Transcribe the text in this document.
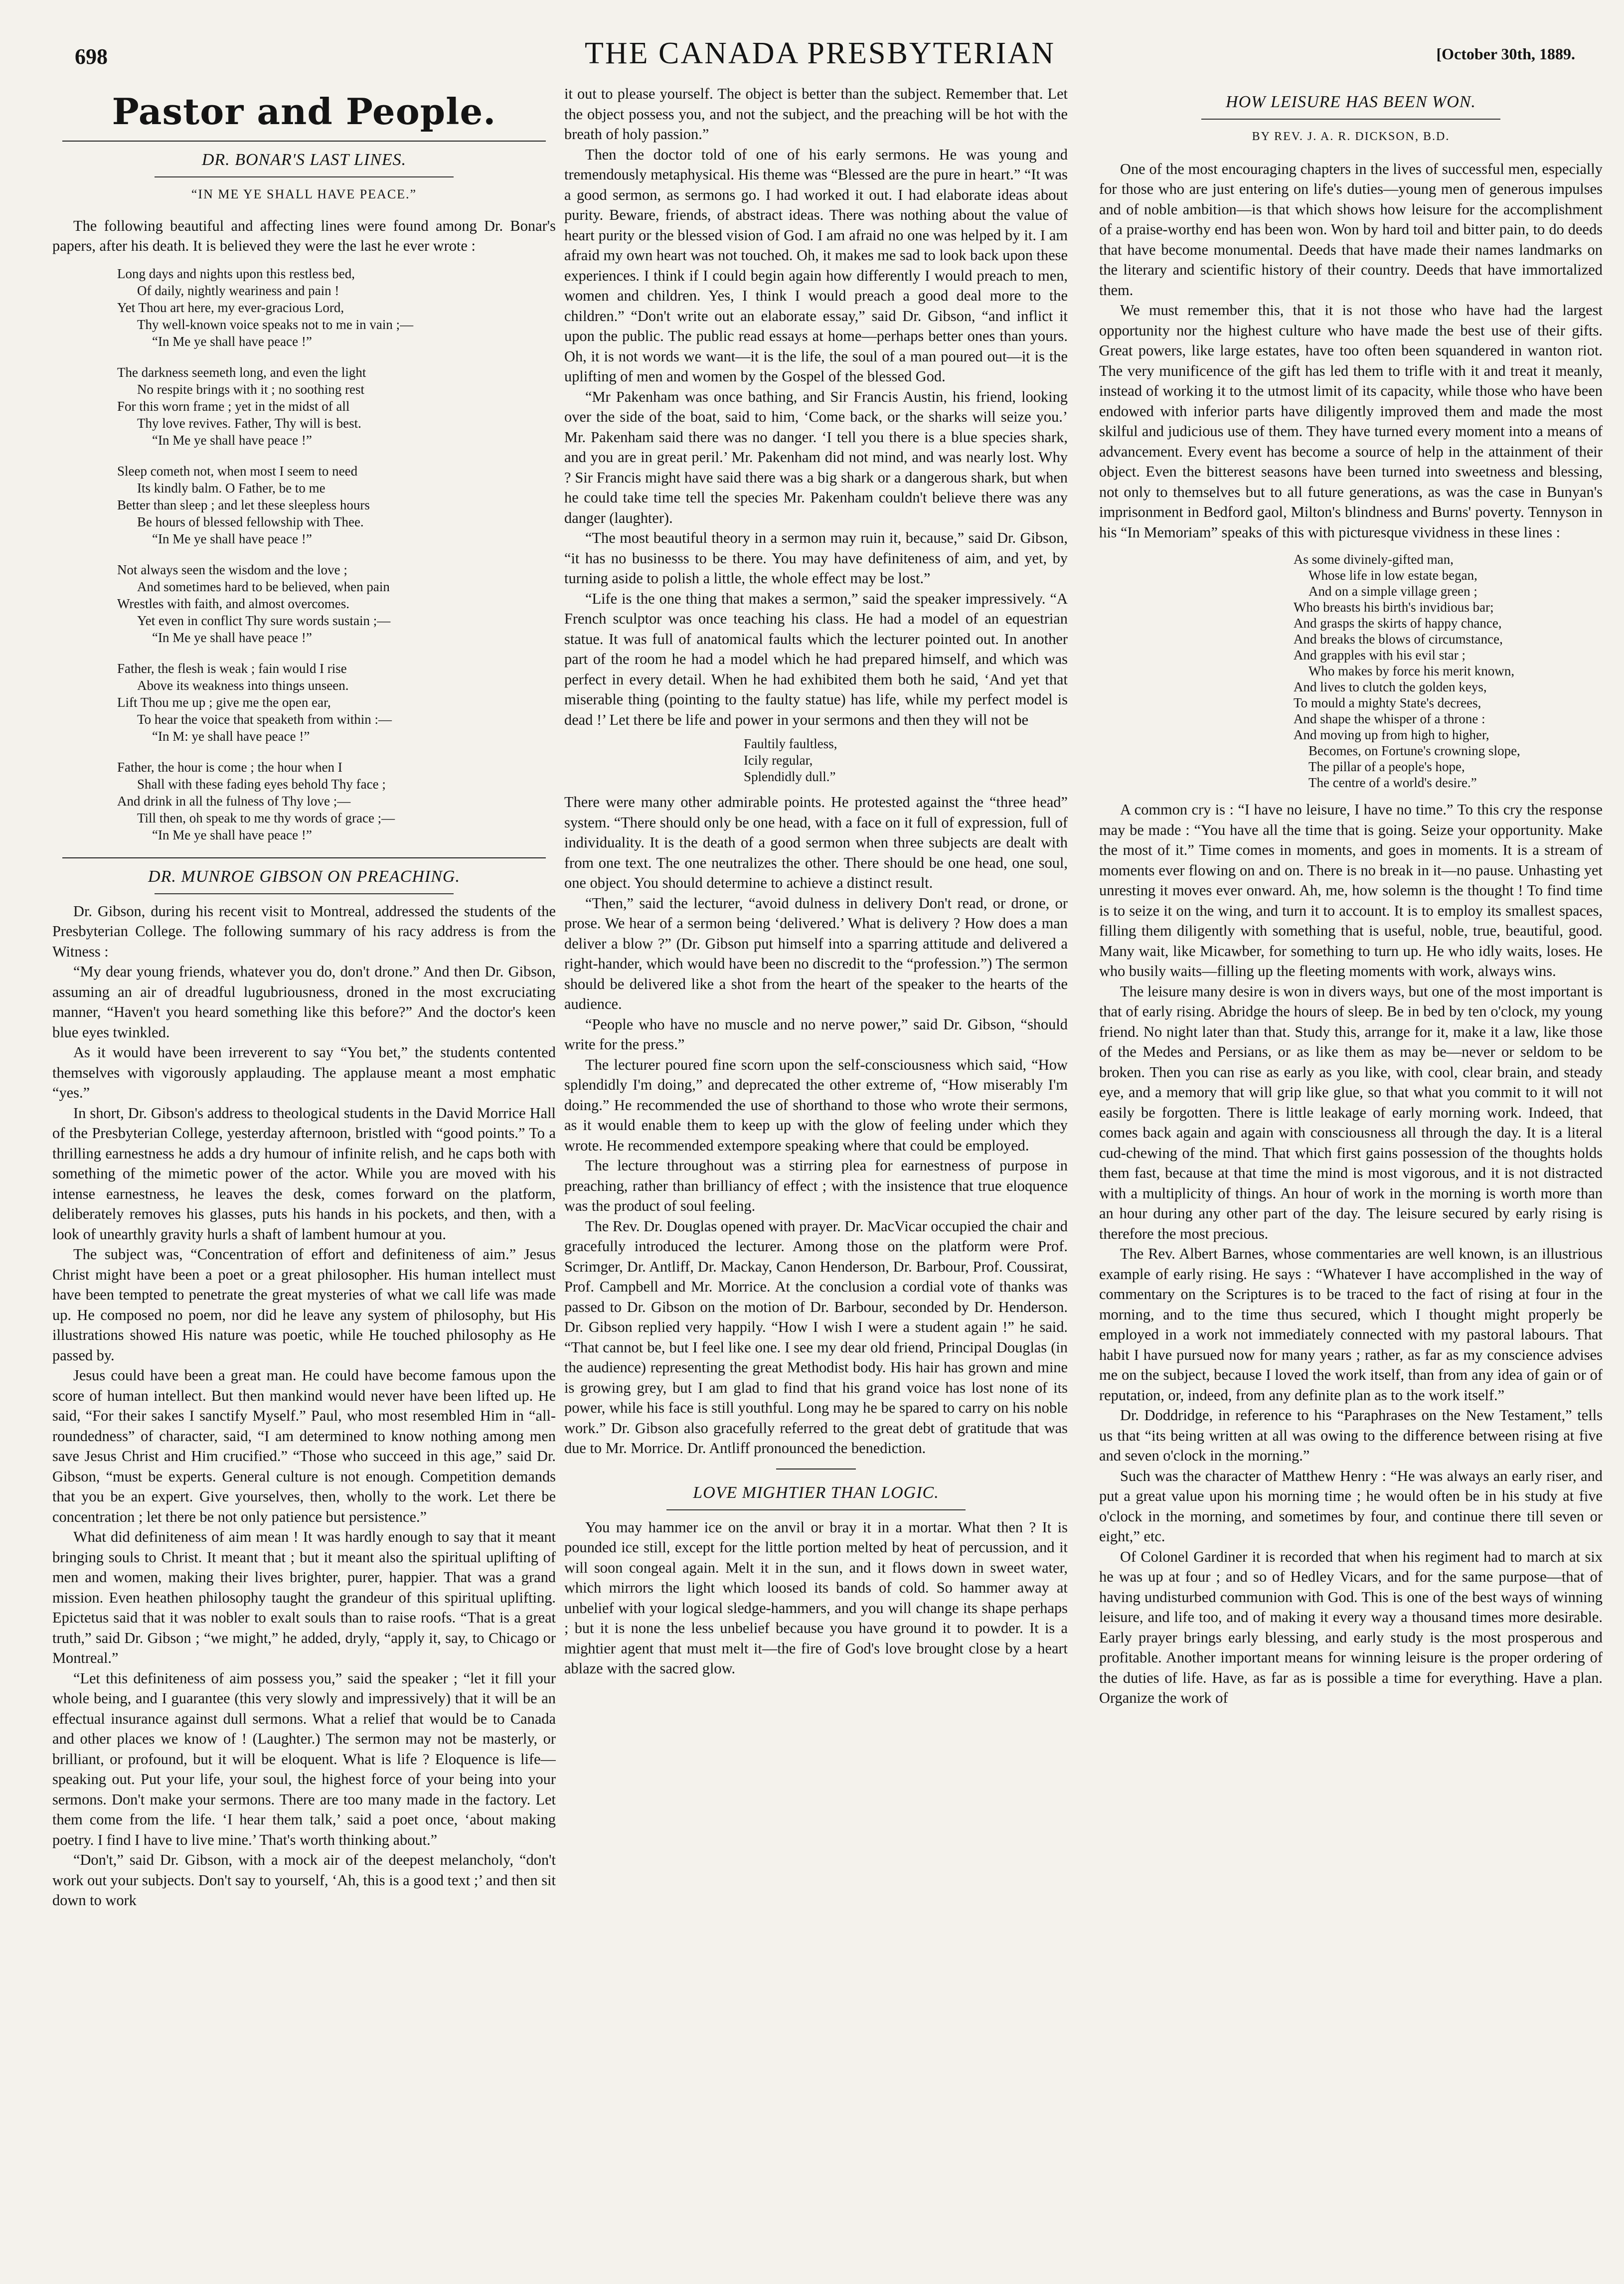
698	THE CANADA PRESBYTERIAN	[October 30th, 1889.
Pastor and People.
DR. BONAR'S LAST LINES.
“IN ME YE SHALL HAVE PEACE.”

The following beautiful and affecting lines were found among Dr. Bonar's papers, after his death. It is believed they were the last he ever wrote :

Long days and nights upon this restless bed,
Of daily, nightly weariness and pain !
Yet Thou art here, my ever-gracious Lord,
Thy well-known voice speaks not to me in vain ;—
“In Me ye shall have peace !”
The darkness seemeth long, and even the light
No respite brings with it ; no soothing rest
For this worn frame ; yet in the midst of all
Thy love revives. Father, Thy will is best.
“In Me ye shall have peace !”
Sleep cometh not, when most I seem to need
Its kindly balm. O Father, be to me
Better than sleep ; and let these sleepless hours
Be hours of blessed fellowship with Thee.
“In Me ye shall have peace !”
Not always seen the wisdom and the love ;
And sometimes hard to be believed, when pain
Wrestles with faith, and almost overcomes.
Yet even in conflict Thy sure words sustain ;—
“In Me ye shall have peace !”
Father, the flesh is weak ; fain would I rise
Above its weakness into things unseen.
Lift Thou me up ; give me the open ear,
To hear the voice that speaketh from within :—
“In M: ye shall have peace !”
Father, the hour is come ; the hour when I
Shall with these fading eyes behold Thy face ;
And drink in all the fulness of Thy love ;—
Till then, oh speak to me thy words of grace ;—
“In Me ye shall have peace !”
DR. MUNROE GIBSON ON PREACHING.

Dr. Gibson, during his recent visit to Montreal, addressed the students of the Presbyterian College. The following summary of his racy address is from the Witness :

“My dear young friends, whatever you do, don't drone.” And then Dr. Gibson, assuming an air of dreadful lugubriousness, droned in the most excruciating manner, “Haven't you heard something like this before?” And the doctor's keen blue eyes twinkled.

As it would have been irreverent to say “You bet,” the students contented themselves with vigorously applauding. The applause meant a most emphatic “yes.”

In short, Dr. Gibson's address to theological students in the David Morrice Hall of the Presbyterian College, yesterday afternoon, bristled with “good points.” To a thrilling earnestness he adds a dry humour of infinite relish, and he caps both with something of the mimetic power of the actor. While you are moved with his intense earnestness, he leaves the desk, comes forward on the platform, deliberately removes his glasses, puts his hands in his pockets, and then, with a look of unearthly gravity hurls a shaft of lambent humour at you.

The subject was, “Concentration of effort and definiteness of aim.” Jesus Christ might have been a poet or a great philosopher. His human intellect must have been tempted to penetrate the great mysteries of what we call life was made up. He composed no poem, nor did he leave any system of philosophy, but His illustrations showed His nature was poetic, while He touched philosophy as He passed by.

Jesus could have been a great man. He could have become famous upon the score of human intellect. But then mankind would never have been lifted up. He said, “For their sakes I sanctify Myself.” Paul, who most resembled Him in “all-roundedness” of character, said, “I am determined to know nothing among men save Jesus Christ and Him crucified.” “Those who succeed in this age,” said Dr. Gibson, “must be experts. General culture is not enough. Competition demands that you be an expert. Give yourselves, then, wholly to the work. Let there be concentration ; let there be not only patience but persistence.”

What did definiteness of aim mean ! It was hardly enough to say that it meant bringing souls to Christ. It meant that ; but it meant also the spiritual uplifting of men and women, making their lives brighter, purer, happier. That was a grand mission. Even heathen philosophy taught the grandeur of this spiritual uplifting. Epictetus said that it was nobler to exalt souls than to raise roofs. “That is a great truth,” said Dr. Gibson ; “we might,” he added, dryly, “apply it, say, to Chicago or Montreal.”

“Let this definiteness of aim possess you,” said the speaker ; “let it fill your whole being, and I guarantee (this very slowly and impressively) that it will be an effectual insurance against dull sermons. What a relief that would be to Canada and other places we know of ! (Laughter.) The sermon may not be masterly, or brilliant, or profound, but it will be eloquent. What is life ? Eloquence is life—speaking out. Put your life, your soul, the highest force of your being into your sermons. Don't make your sermons. There are too many made in the factory. Let them come from the life. ‘I hear them talk,’ said a poet once, ‘about making poetry. I find I have to live mine.’ That's worth thinking about.”

“Don't,” said Dr. Gibson, with a mock air of the deepest melancholy, “don't work out your subjects. Don't say to yourself, ‘Ah, this is a good text ;’ and then sit down to work

it out to please yourself. The object is better than the subject. Remember that. Let the object possess you, and not the subject, and the preaching will be hot with the breath of holy passion.”

Then the doctor told of one of his early sermons. He was young and tremendously metaphysical. His theme was “Blessed are the pure in heart.” “It was a good sermon, as sermons go. I had worked it out. I had elaborate ideas about purity. Beware, friends, of abstract ideas. There was nothing about the value of heart purity or the blessed vision of God. I am afraid no one was helped by it. I am afraid my own heart was not touched. Oh, it makes me sad to look back upon these experiences. I think if I could begin again how differently I would preach to men, women and children. Yes, I think I would preach a good deal more to the children.” “Don't write out an elaborate essay,” said Dr. Gibson, “and inflict it upon the public. The public read essays at home—perhaps better ones than yours. Oh, it is not words we want—it is the life, the soul of a man poured out—it is the uplifting of men and women by the Gospel of the blessed God.

“Mr Pakenham was once bathing, and Sir Francis Austin, his friend, looking over the side of the boat, said to him, ‘Come back, or the sharks will seize you.’ Mr. Pakenham said there was no danger. ‘I tell you there is a blue species shark, and you are in great peril.’ Mr. Pakenham did not mind, and was nearly lost. Why ? Sir Francis might have said there was a big shark or a dangerous shark, but when he could take time tell the species Mr. Pakenham couldn't believe there was any danger (laughter).

“The most beautiful theory in a sermon may ruin it, because,” said Dr. Gibson, “it has no businesss to be there. You may have definiteness of aim, and yet, by turning aside to polish a little, the whole effect may be lost.”

“Life is the one thing that makes a sermon,” said the speaker impressively. “A French sculptor was once teaching his class. He had a model of an equestrian statue. It was full of anatomical faults which the lecturer pointed out. In another part of the room he had a model which he had prepared himself, and which was perfect in every detail. When he had exhibited them both he said, ‘And yet that miserable thing (pointing to the faulty statue) has life, while my perfect model is dead !’ Let there be life and power in your sermons and then they will not be

Faultily faultless,
Icily regular,
Splendidly dull.”

There were many other admirable points. He protested against the “three head” system. “There should only be one head, with a face on it full of expression, full of individuality. It is the death of a good sermon when three subjects are dealt with from one text. The one neutralizes the other. There should be one head, one soul, one object. You should determine to achieve a distinct result.

“Then,” said the lecturer, “avoid dulness in delivery Don't read, or drone, or prose. We hear of a sermon being ‘delivered.’ What is delivery ? How does a man deliver a blow ?” (Dr. Gibson put himself into a sparring attitude and delivered a right-hander, which would have been no discredit to the “profession.”) The sermon should be delivered like a shot from the heart of the speaker to the hearts of the audience.

“People who have no muscle and no nerve power,” said Dr. Gibson, “should write for the press.”

The lecturer poured fine scorn upon the self-consciousness which said, “How splendidly I'm doing,” and deprecated the other extreme of, “How miserably I'm doing.” He recommended the use of shorthand to those who wrote their sermons, as it would enable them to keep up with the glow of feeling under which they wrote. He recommended extempore speaking where that could be employed.

The lecture throughout was a stirring plea for earnestness of purpose in preaching, rather than brilliancy of effect ; with the insistence that true eloquence was the product of soul feeling.

The Rev. Dr. Douglas opened with prayer. Dr. MacVicar occupied the chair and gracefully introduced the lecturer. Among those on the platform were Prof. Scrimger, Dr. Antliff, Dr. Mackay, Canon Henderson, Dr. Barbour, Prof. Coussirat, Prof. Campbell and Mr. Morrice. At the conclusion a cordial vote of thanks was passed to Dr. Gibson on the motion of Dr. Barbour, seconded by Dr. Henderson. Dr. Gibson replied very happily. “How I wish I were a student again !” he said. “That cannot be, but I feel like one. I see my dear old friend, Principal Douglas (in the audience) representing the great Methodist body. His hair has grown and mine is growing grey, but I am glad to find that his grand voice has lost none of its power, while his face is still youthful. Long may he be spared to carry on his noble work.” Dr. Gibson also gracefully referred to the great debt of gratitude that was due to Mr. Morrice. Dr. Antliff pronounced the benediction.

LOVE MIGHTIER THAN LOGIC.

You may hammer ice on the anvil or bray it in a mortar. What then ? It is pounded ice still, except for the little portion melted by heat of percussion, and it will soon congeal again. Melt it in the sun, and it flows down in sweet water, which mirrors the light which loosed its bands of cold. So hammer away at unbelief with your logical sledge-hammers, and you will change its shape perhaps ; but it is none the less unbelief because you have ground it to powder. It is a mightier agent that must melt it—the fire of God's love brought close by a heart ablaze with the sacred glow.

HOW LEISURE HAS BEEN WON.
BY REV. J. A. R. DICKSON, B.D.

One of the most encouraging chapters in the lives of successful men, especially for those who are just entering on life's duties—young men of generous impulses and of noble ambition—is that which shows how leisure for the accomplishment of a praise-worthy end has been won. Won by hard toil and bitter pain, to do deeds that have become monumental. Deeds that have made their names landmarks on the literary and scientific history of their country. Deeds that have immortalized them.

We must remember this, that it is not those who have had the largest opportunity nor the highest culture who have made the best use of their gifts. Great powers, like large estates, have too often been squandered in wanton riot. The very munificence of the gift has led them to trifle with it and treat it meanly, instead of working it to the utmost limit of its capacity, while those who have been endowed with inferior parts have diligently improved them and made the most skilful and judicious use of them. They have turned every moment into a means of advancement. Every event has become a source of help in the attainment of their object. Even the bitterest seasons have been turned into sweetness and blessing, not only to themselves but to all future generations, as was the case in Bunyan's imprisonment in Bedford gaol, Milton's blindness and Burns' poverty. Tennyson in his “In Memoriam” speaks of this with picturesque vividness in these lines :

As some divinely-gifted man,
Whose life in low estate began,
And on a simple village green ;
Who breasts his birth's invidious bar;
And grasps the skirts of happy chance,
And breaks the blows of circumstance,
And grapples with his evil star ;
Who makes by force his merit known,
And lives to clutch the golden keys,
To mould a mighty State's decrees,
And shape the whisper of a throne :
And moving up from high to higher,
Becomes, on Fortune's crowning slope,
The pillar of a people's hope,
The centre of a world's desire.”

A common cry is : “I have no leisure, I have no time.” To this cry the response may be made : “You have all the time that is going. Seize your opportunity. Make the most of it.” Time comes in moments, and goes in moments. It is a stream of moments ever flowing on and on. There is no break in it—no pause. Unhasting yet unresting it moves ever onward. Ah, me, how solemn is the thought ! To find time is to seize it on the wing, and turn it to account. It is to employ its smallest spaces, filling them diligently with something that is useful, noble, true, beautiful, good. Many wait, like Micawber, for something to turn up. He who idly waits, loses. He who busily waits—filling up the fleeting moments with work, always wins.

The leisure many desire is won in divers ways, but one of the most important is that of early rising. Abridge the hours of sleep. Be in bed by ten o'clock, my young friend. No night later than that. Study this, arrange for it, make it a law, like those of the Medes and Persians, or as like them as may be—never or seldom to be broken. Then you can rise as early as you like, with cool, clear brain, and steady eye, and a memory that will grip like glue, so that what you commit to it will not easily be forgotten. There is little leakage of early morning work. Indeed, that comes back again and again with consciousness all through the day. It is a literal cud-chewing of the mind. That which first gains possession of the thoughts holds them fast, because at that time the mind is most vigorous, and it is not distracted with a multiplicity of things. An hour of work in the morning is worth more than an hour during any other part of the day. The leisure secured by early rising is therefore the most precious.

The Rev. Albert Barnes, whose commentaries are well known, is an illustrious example of early rising. He says : “Whatever I have accomplished in the way of commentary on the Scriptures is to be traced to the fact of rising at four in the morning, and to the time thus secured, which I thought might properly be employed in a work not immediately connected with my pastoral labours. That habit I have pursued now for many years ; rather, as far as my conscience advises me on the subject, because I loved the work itself, than from any idea of gain or of reputation, or, indeed, from any definite plan as to the work itself.”

Dr. Doddridge, in reference to his “Paraphrases on the New Testament,” tells us that “its being written at all was owing to the difference between rising at five and seven o'clock in the morning.”

Such was the character of Matthew Henry : “He was always an early riser, and put a great value upon his morning time ; he would often be in his study at five o'clock in the morning, and sometimes by four, and continue there till seven or eight,” etc.

Of Colonel Gardiner it is recorded that when his regiment had to march at six he was up at four ; and so of Hedley Vicars, and for the same purpose—that of having undisturbed communion with God. This is one of the best ways of winning leisure, and life too, and of making it every way a thousand times more desirable. Early prayer brings early blessing, and early study is the most prosperous and profitable. Another important means for winning leisure is the proper ordering of the duties of life. Have, as far as is possible a time for everything. Have a plan. Organize the work of
